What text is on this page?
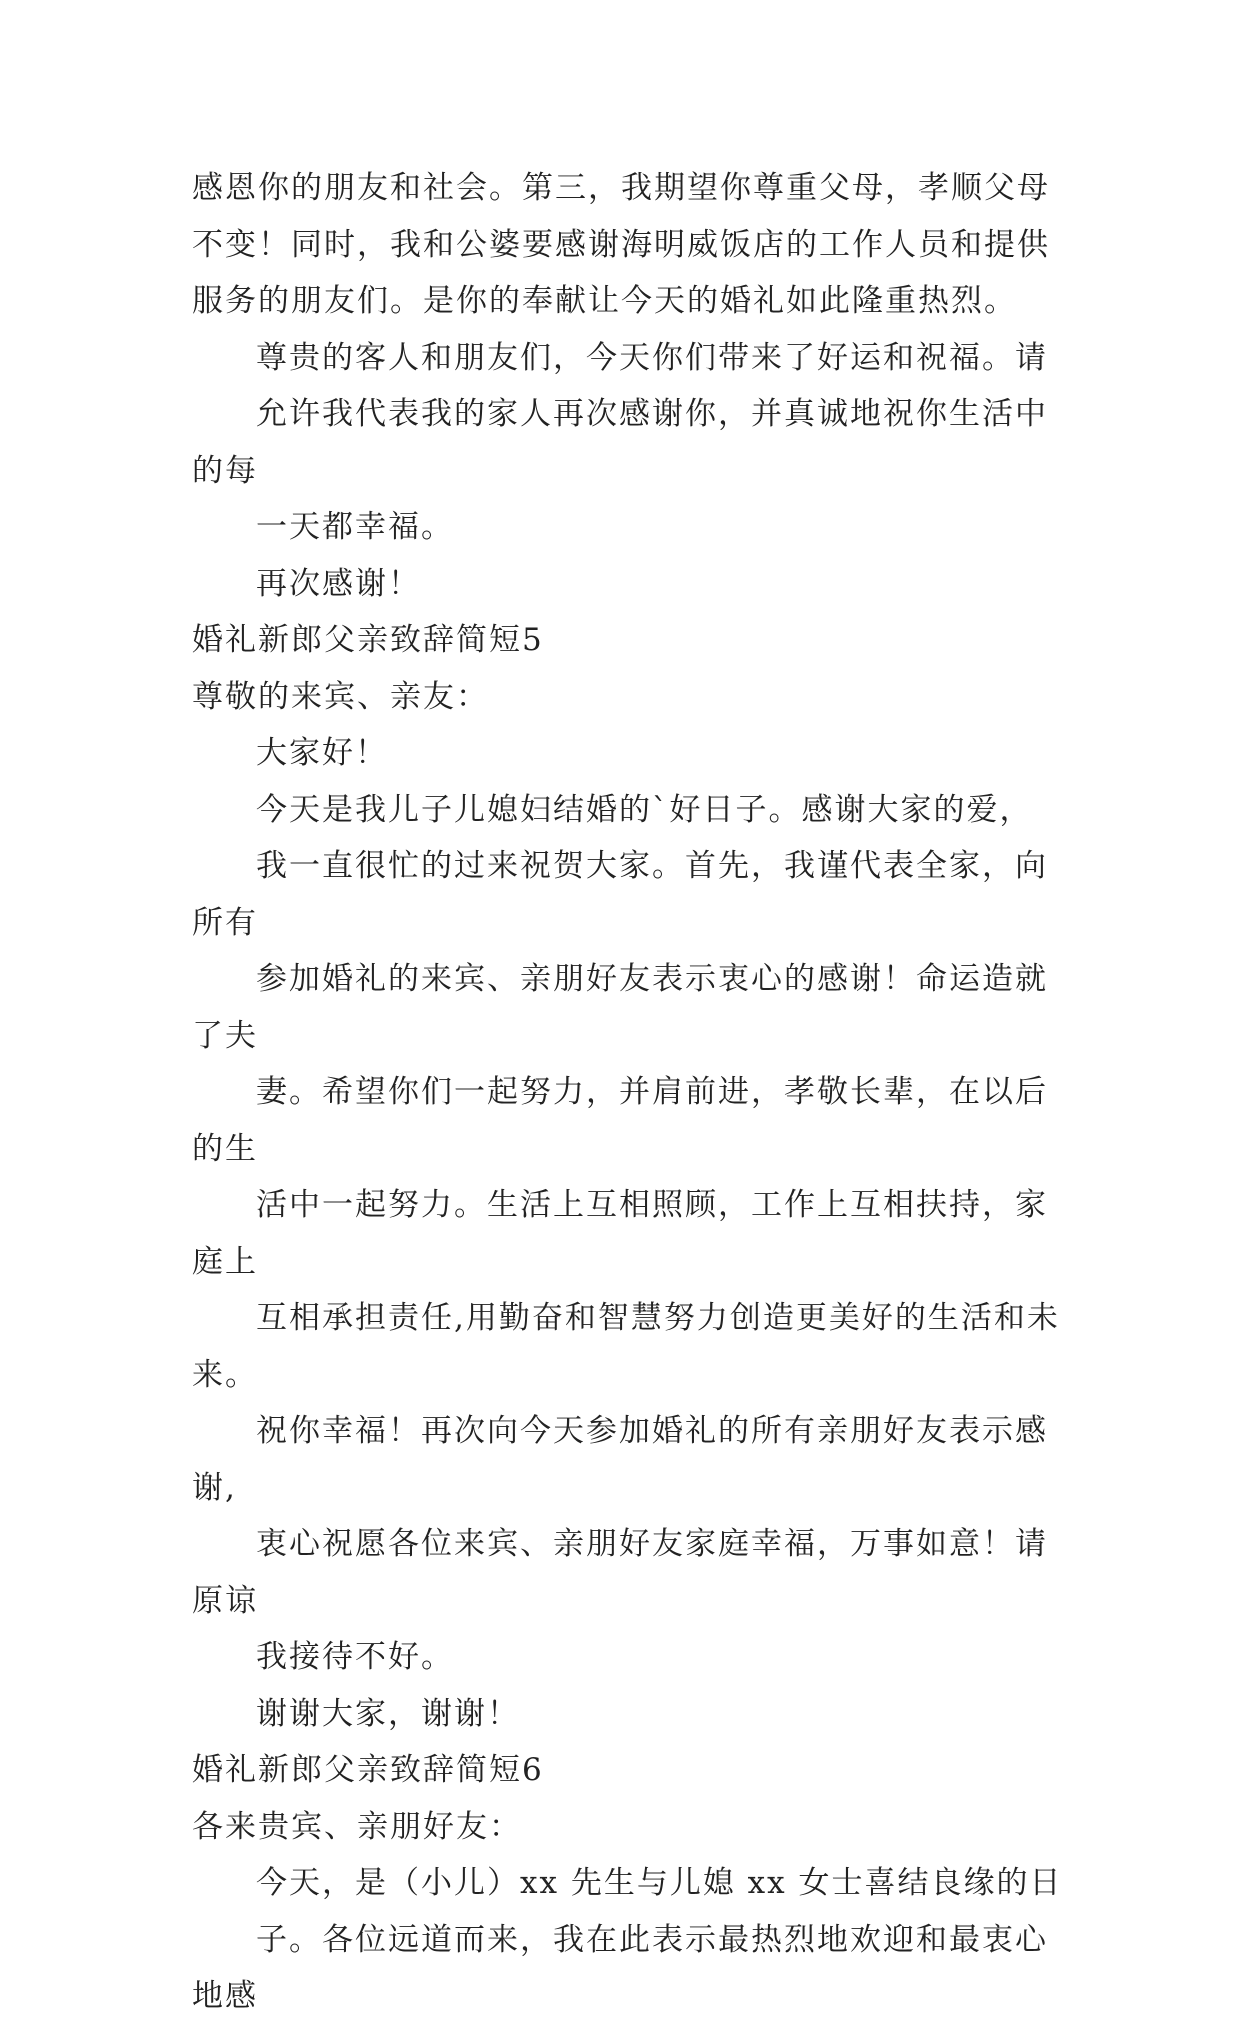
感恩你的朋友和社会。第三，我期望你尊重父母，孝顺父母
不变！同时，我和公婆要感谢海明威饭店的工作人员和提供
服务的朋友们。是你的奉献让今天的婚礼如此隆重热烈。
尊贵的客人和朋友们，今天你们带来了好运和祝福。请
允许我代表我的家人再次感谢你，并真诚地祝你生活中的每
一天都幸福。
再次感谢！
婚礼新郎父亲致辞简短5
尊敬的来宾、亲友：
大家好！
今天是我儿子儿媳妇结婚的`好日子。感谢大家的爱，
我一直很忙的过来祝贺大家。首先，我谨代表全家，向所有
参加婚礼的来宾、亲朋好友表示衷心的感谢！命运造就了夫
妻。希望你们一起努力，并肩前进，孝敬长辈，在以后的生
活中一起努力。生活上互相照顾，工作上互相扶持，家庭上
互相承担责任,用勤奋和智慧努力创造更美好的生活和未来。
祝你幸福！再次向今天参加婚礼的所有亲朋好友表示感谢,
衷心祝愿各位来宾、亲朋好友家庭幸福，万事如意！请原谅
我接待不好。
谢谢大家，谢谢！
婚礼新郎父亲致辞简短6
各来贵宾、亲朋好友：
今天，是（小儿）xx 先生与儿媳 xx 女士喜结良缘的日
子。各位远道而来，我在此表示最热烈地欢迎和最衷心地感
